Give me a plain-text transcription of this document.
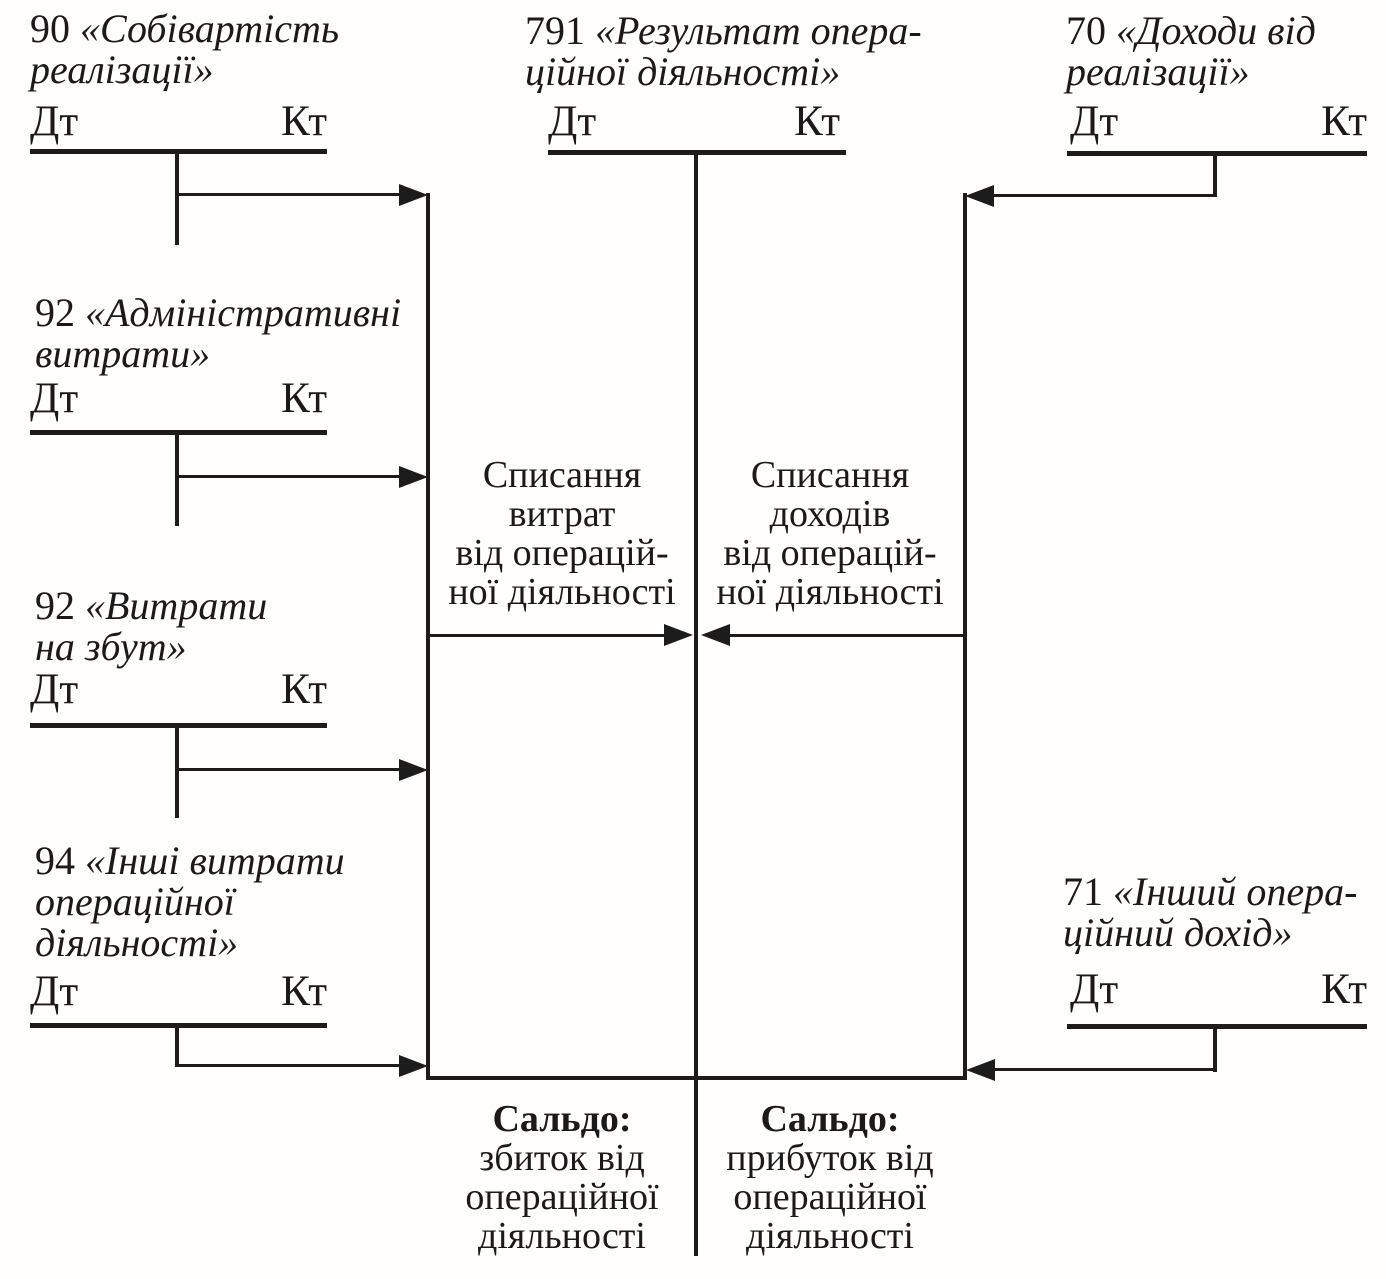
90 «Собівартість
реалізації»
Дт	Кт
92 «Адміністративні
витрати»
Дт	Кт
92 «Витрати
на збут»
Дт	Кт
94 «Інші витрати
операційної
діяльності»
Дт	Кт
791 «Результат опера-
ційної діяльності»
Дт	Кт
70 «Доходи від
реалізації»
Дт	Кт
71 «Інший опера-
ційний дохід»
Дт	Кт
Списання
витрат
від операцій-
ної діяльності
Списання
доходів
від операцій-
ної діяльності
Сальдо:
збиток від
операційної
діяльності
Сальдо:
прибуток від
операційної
діяльності
